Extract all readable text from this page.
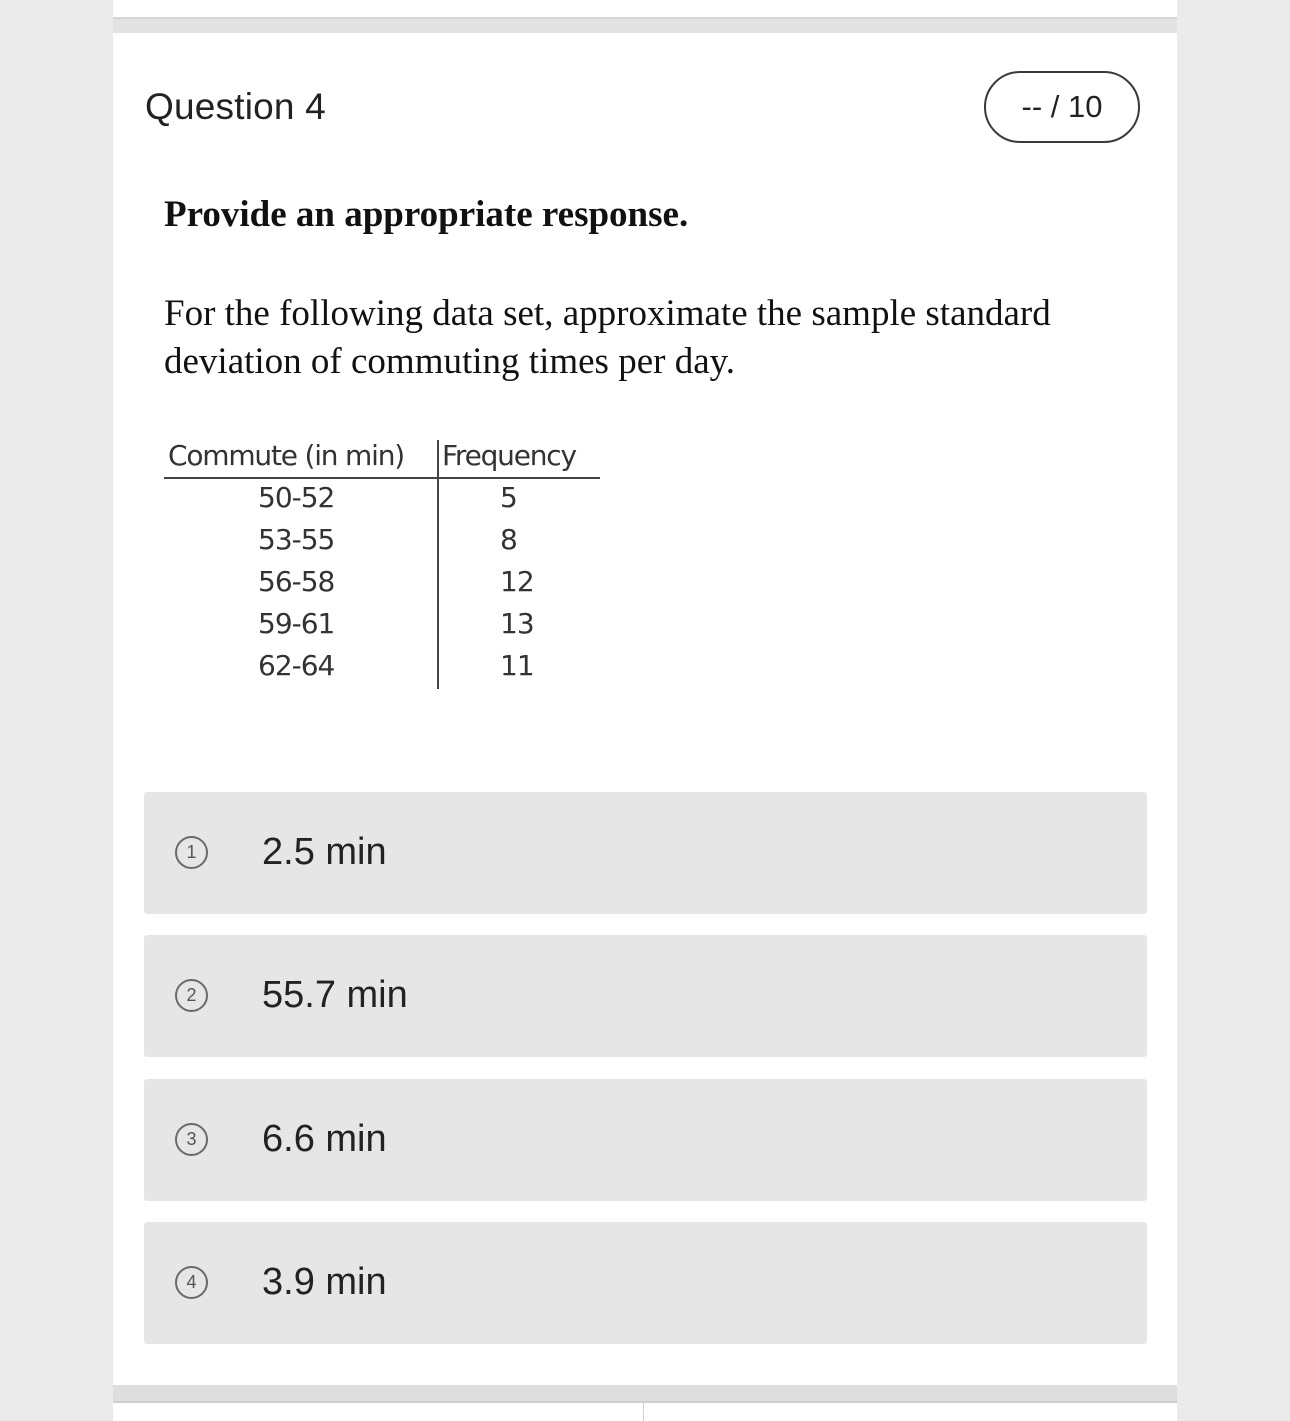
Question 4	-- / 10
Provide an appropriate response.
For the following data set, approximate the sample standard deviation of commuting times per day.
Commute (in min) Frequency
50-52	5
53-55	8
56-58	12
59-61	13
62-64	11
1	2.5 min
2	55.7 min
3	6.6 min
4	3.9 min
